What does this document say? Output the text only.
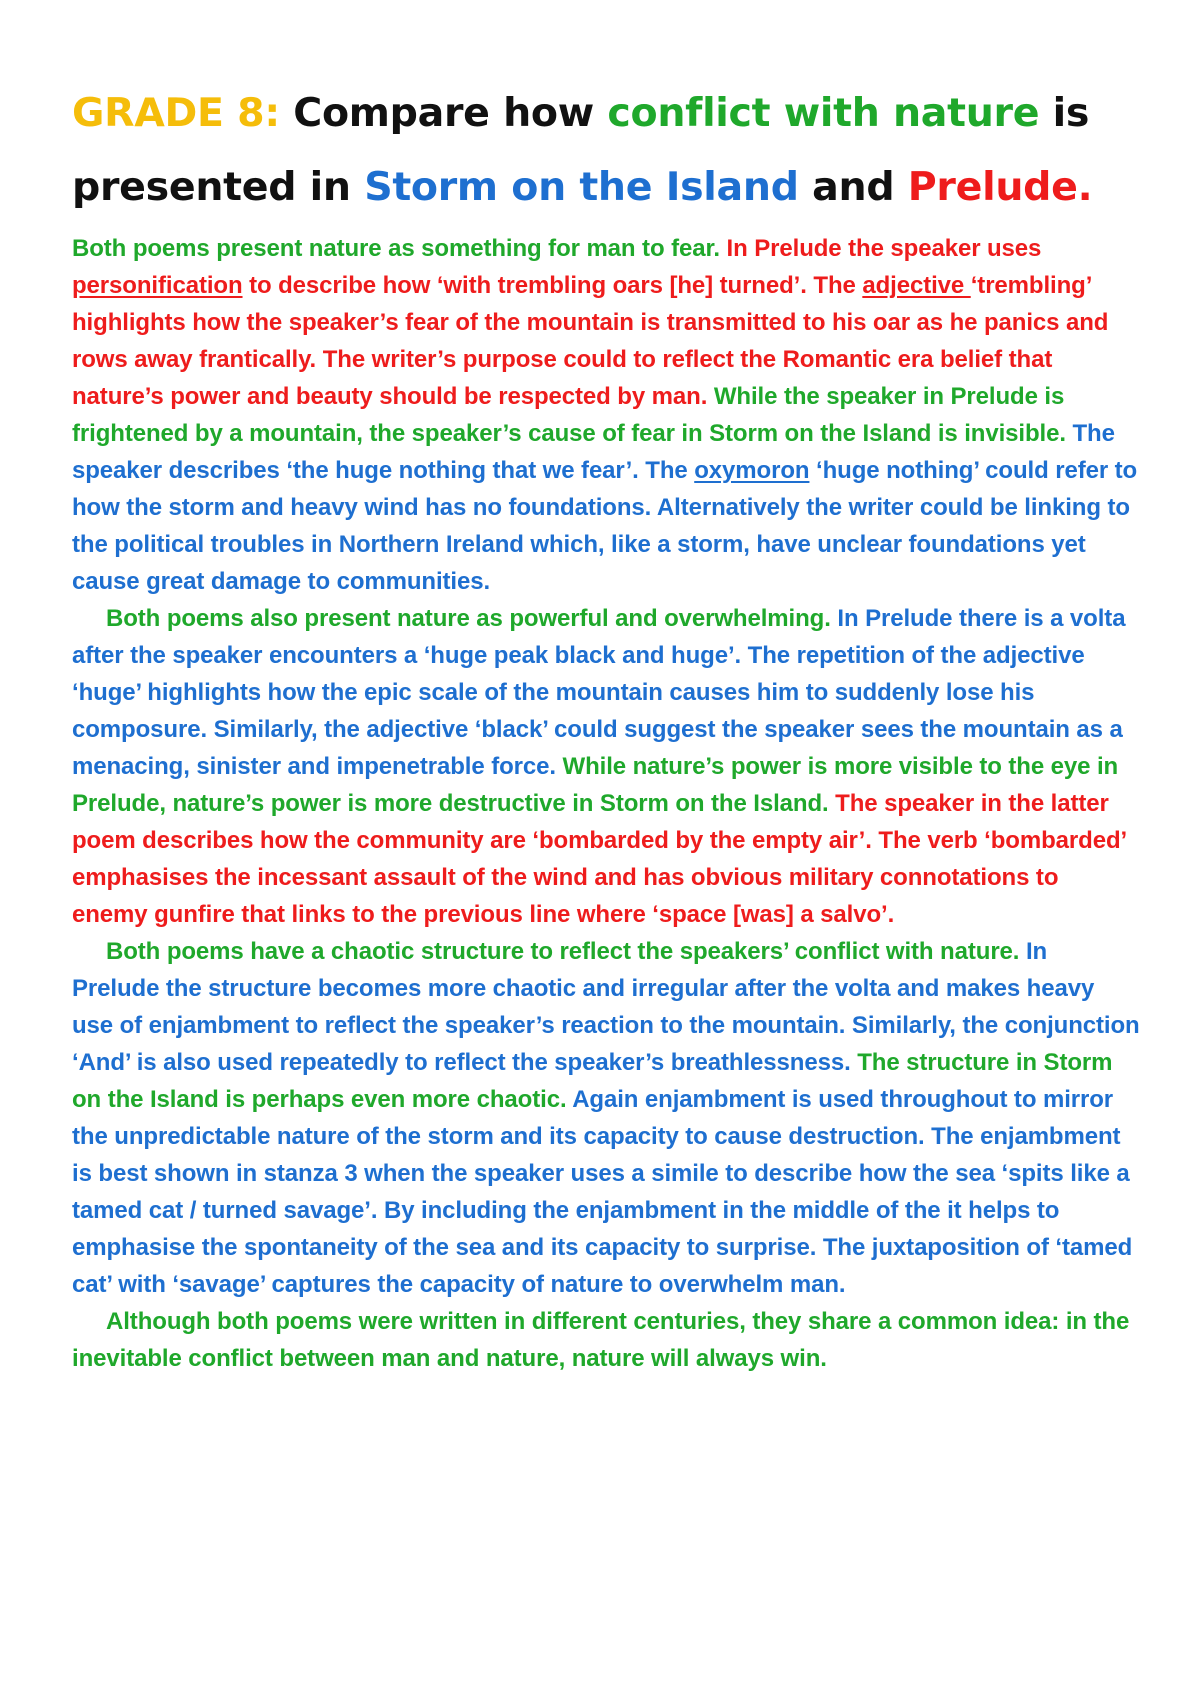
GRADE 8: Compare how conflict with nature is
presented in Storm on the Island and Prelude.

Both poems present nature as something for man to fear. In Prelude the speaker uses personification to describe how ‘with trembling oars [he] turned’. The adjective ‘trembling’ highlights how the speaker’s fear of the mountain is transmitted to his oar as he panics and rows away frantically. The writer’s purpose could to reflect the Romantic era belief that nature’s power and beauty should be respected by man. While the speaker in Prelude is frightened by a mountain, the speaker’s cause of fear in Storm on the Island is invisible. The speaker describes ‘the huge nothing that we fear’. The oxymoron ‘huge nothing’ could refer to how the storm and heavy wind has no foundations. Alternatively the writer could be linking to the political troubles in Northern Ireland which, like a storm, have unclear foundations yet cause great damage to communities.

Both poems also present nature as powerful and overwhelming. In Prelude there is a volta after the speaker encounters a ‘huge peak black and huge’. The repetition of the adjective ‘huge’ highlights how the epic scale of the mountain causes him to suddenly lose his composure. Similarly, the adjective ‘black’ could suggest the speaker sees the mountain as a menacing, sinister and impenetrable force. While nature’s power is more visible to the eye in Prelude, nature’s power is more destructive in Storm on the Island. The speaker in the latter poem describes how the community are ‘bombarded by the empty air’. The verb ‘bombarded’ emphasises the incessant assault of the wind and has obvious military connotations to enemy gunfire that links to the previous line where ‘space [was] a salvo’.

Both poems have a chaotic structure to reflect the speakers’ conflict with nature. In Prelude the structure becomes more chaotic and irregular after the volta and makes heavy use of enjambment to reflect the speaker’s reaction to the mountain. Similarly, the conjunction ‘And’ is also used repeatedly to reflect the speaker’s breathlessness. The structure in Storm on the Island is perhaps even more chaotic. Again enjambment is used throughout to mirror the unpredictable nature of the storm and its capacity to cause destruction. The enjambment is best shown in stanza 3 when the speaker uses a simile to describe how the sea ‘spits like a tamed cat / turned savage’. By including the enjambment in the middle of the it helps to emphasise the spontaneity of the sea and its capacity to surprise. The juxtaposition of ‘tamed cat’ with ‘savage’ captures the capacity of nature to overwhelm man.

Although both poems were written in different centuries, they share a common idea: in the inevitable conflict between man and nature, nature will always win.
